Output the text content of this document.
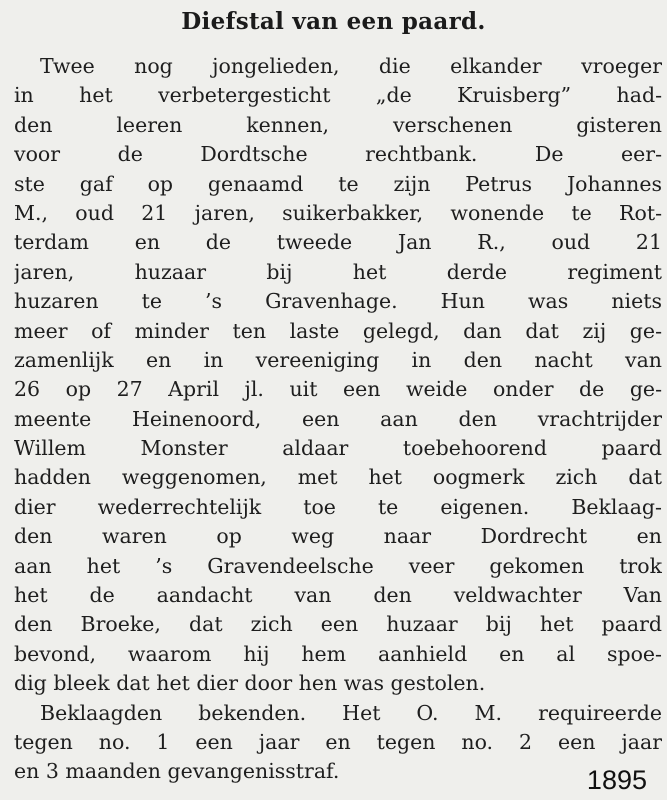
Diefstal van een paard.
Twee nog jongelieden, die elkander vroeger
in het verbetergesticht „de Kruisberg” had-
den leeren kennen, verschenen gisteren
voor de Dordtsche rechtbank. De eer-
ste gaf op genaamd te zijn Petrus Johannes
M., oud 21 jaren, suikerbakker, wonende te Rot-
terdam en de tweede Jan R., oud 21
jaren, huzaar bij het derde regiment
huzaren te ’s Gravenhage. Hun was niets
meer of minder ten laste gelegd, dan dat zij ge-
zamenlijk en in vereeniging in den nacht van
26 op 27 April jl. uit een weide onder de ge-
meente Heinenoord, een aan den vrachtrijder
Willem Monster aldaar toebehoorend paard
hadden weggenomen, met het oogmerk zich dat
dier wederrechtelijk toe te eigenen. Beklaag-
den waren op weg naar Dordrecht en
aan het ’s Gravendeelsche veer gekomen trok
het de aandacht van den veldwachter Van
den Broeke, dat zich een huzaar bij het paard
bevond, waarom hij hem aanhield en al spoe-
dig bleek dat het dier door hen was gestolen.
Beklaagden bekenden. Het O. M. requireerde
tegen no. 1 een jaar en tegen no. 2 een jaar
en 3 maanden gevangenisstraf.	1895
